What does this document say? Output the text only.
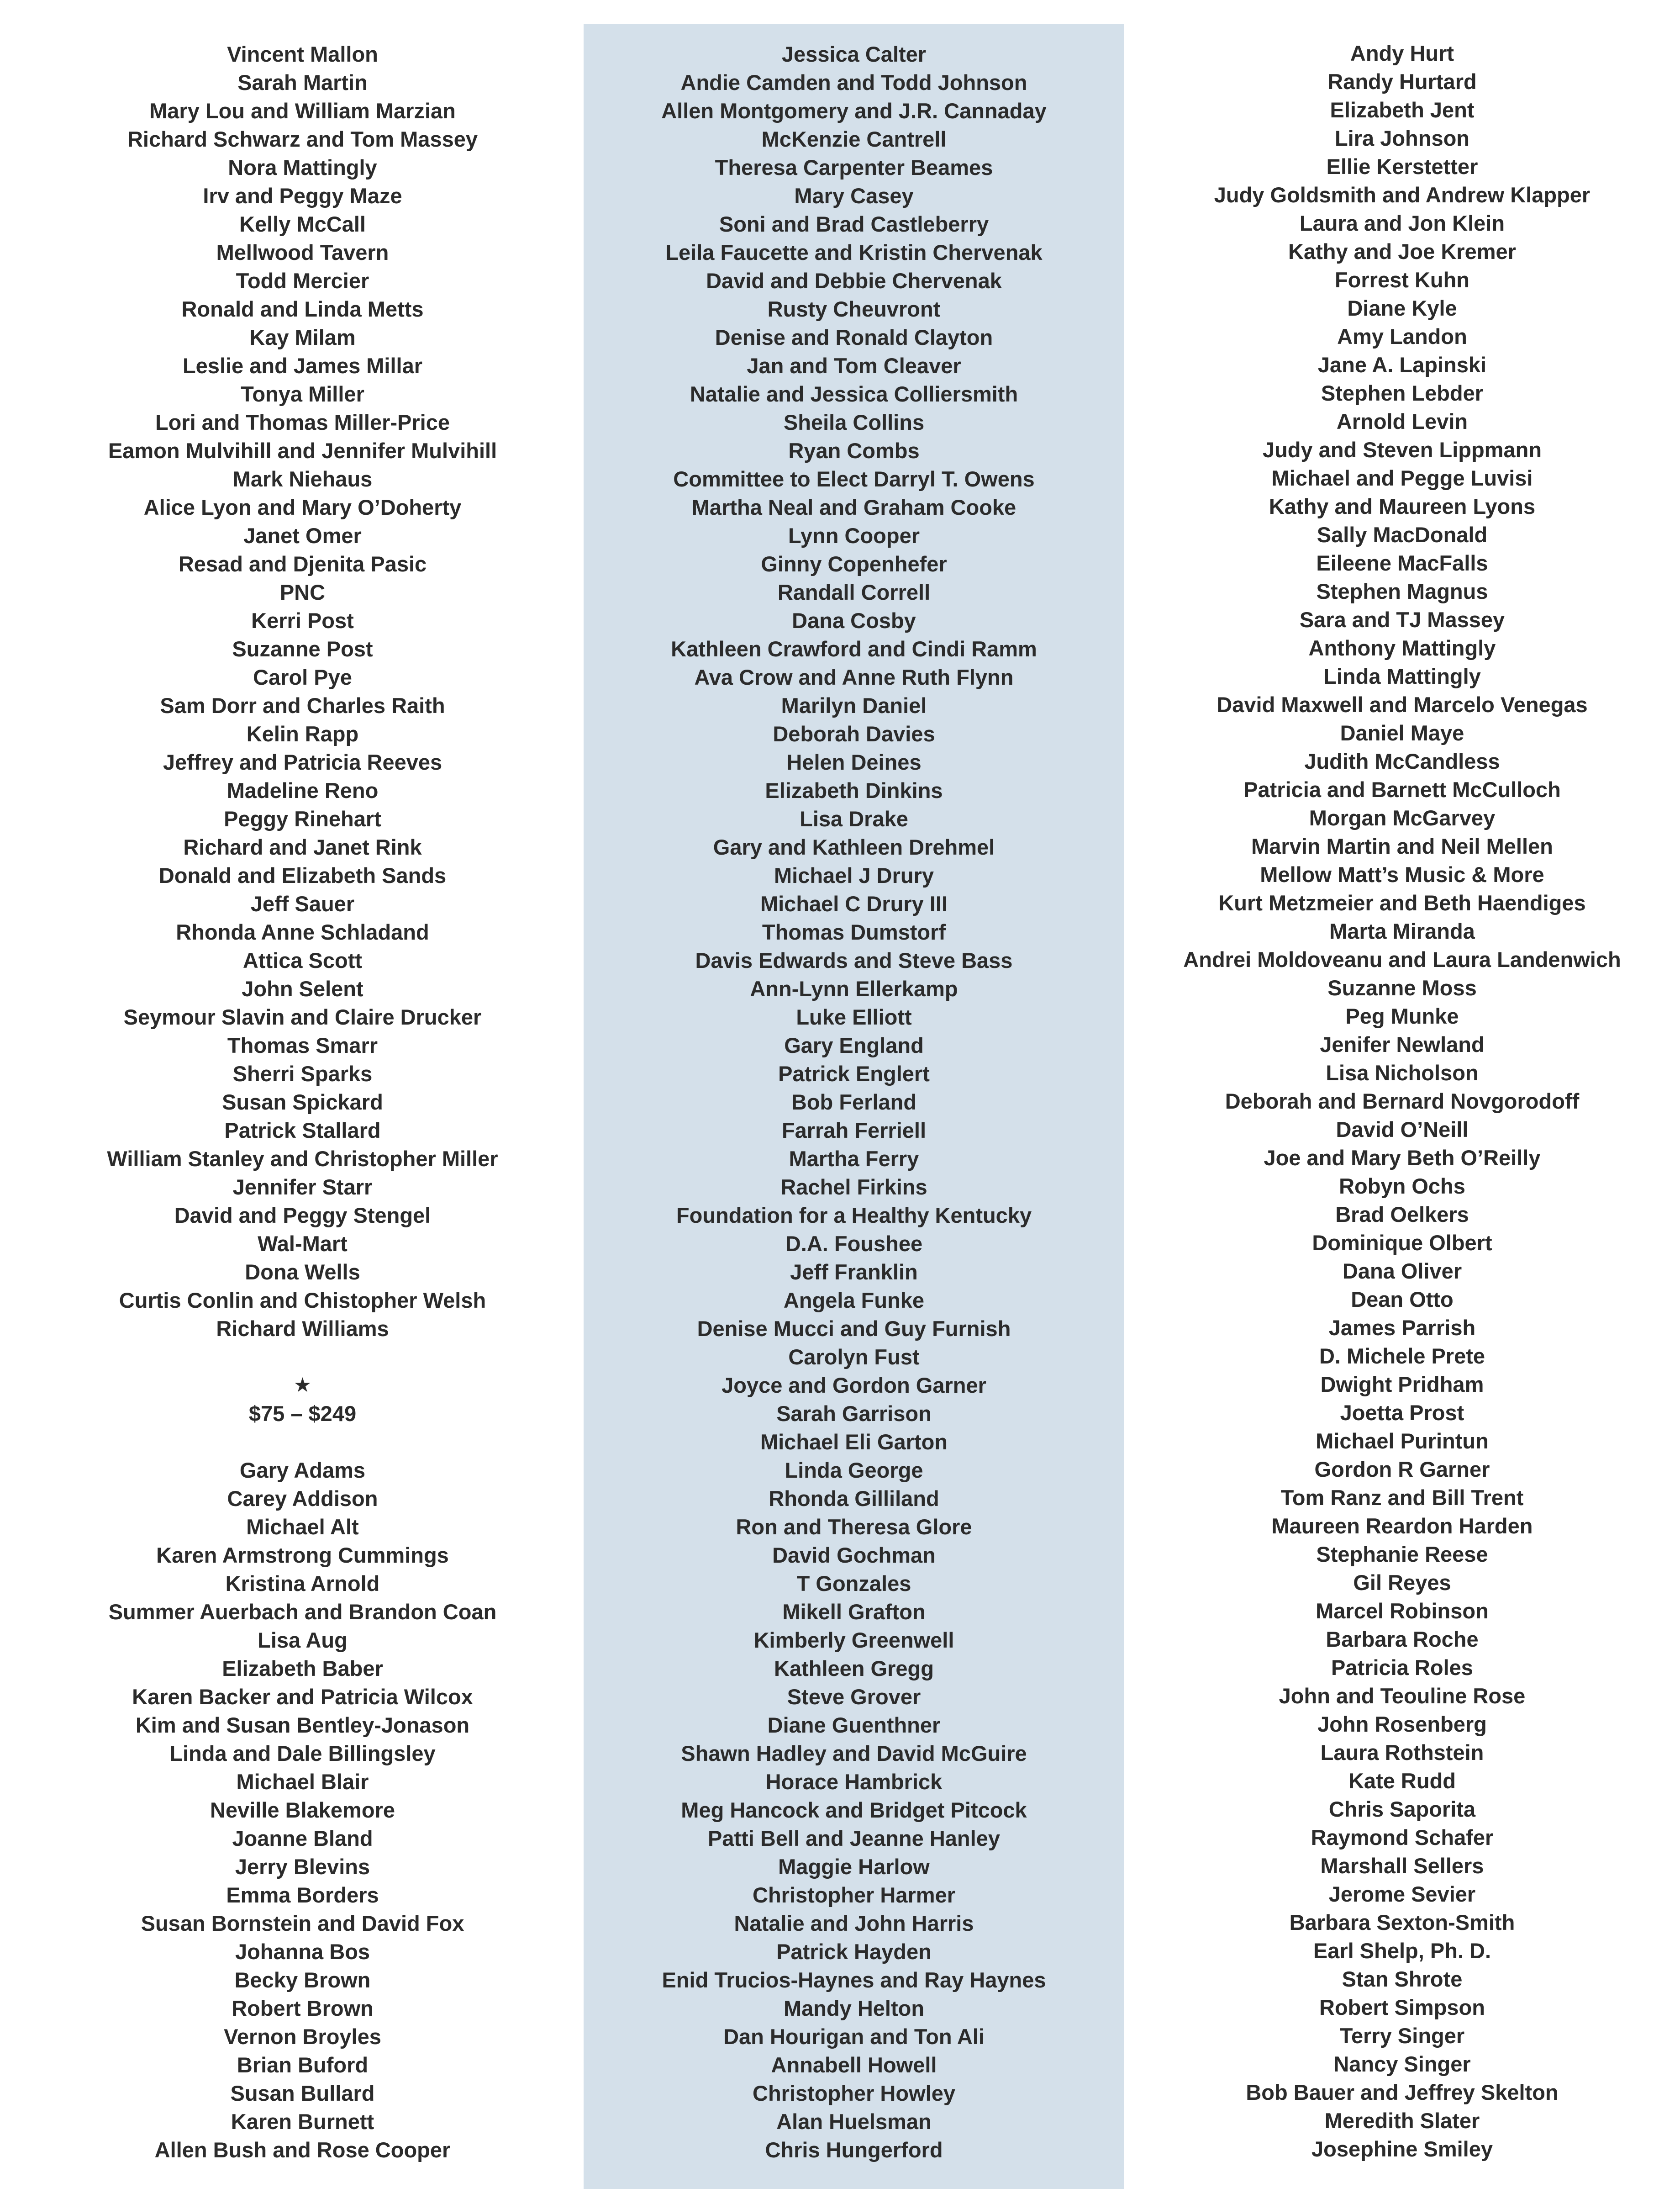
Vincent Mallon
Sarah Martin
Mary Lou and William Marzian
Richard Schwarz and Tom Massey
Nora Mattingly
Irv and Peggy Maze
Kelly McCall
Mellwood Tavern
Todd Mercier
Ronald and Linda Metts
Kay Milam
Leslie and James Millar
Tonya Miller
Lori and Thomas Miller-Price
Eamon Mulvihill and Jennifer Mulvihill
Mark Niehaus
Alice Lyon and Mary O’Doherty
Janet Omer
Resad and Djenita Pasic
PNC
Kerri Post
Suzanne Post
Carol Pye
Sam Dorr and Charles Raith
Kelin Rapp
Jeffrey and Patricia Reeves
Madeline Reno
Peggy Rinehart
Richard and Janet Rink
Donald and Elizabeth Sands
Jeff Sauer
Rhonda Anne Schladand
Attica Scott
John Selent
Seymour Slavin and Claire Drucker
Thomas Smarr
Sherri Sparks
Susan Spickard
Patrick Stallard
William Stanley and Christopher Miller
Jennifer Starr
David and Peggy Stengel
Wal-Mart
Dona Wells
Curtis Conlin and Chistopher Welsh
Richard Williams
★
$75 – $249
Gary Adams
Carey Addison
Michael Alt
Karen Armstrong Cummings
Kristina Arnold
Summer Auerbach and Brandon Coan
Lisa Aug
Elizabeth Baber
Karen Backer and Patricia Wilcox
Kim and Susan Bentley-Jonason
Linda and Dale Billingsley
Michael Blair
Neville Blakemore
Joanne Bland
Jerry Blevins
Emma Borders
Susan Bornstein and David Fox
Johanna Bos
Becky Brown
Robert Brown
Vernon Broyles
Brian Buford
Susan Bullard
Karen Burnett
Allen Bush and Rose Cooper
Jessica Calter
Andie Camden and Todd Johnson
Allen Montgomery and J.R. Cannaday
McKenzie Cantrell
Theresa Carpenter Beames
Mary Casey
Soni and Brad Castleberry
Leila Faucette and Kristin Chervenak
David and Debbie Chervenak
Rusty Cheuvront
Denise and Ronald Clayton
Jan and Tom Cleaver
Natalie and Jessica Colliersmith
Sheila Collins
Ryan Combs
Committee to Elect Darryl T. Owens
Martha Neal and Graham Cooke
Lynn Cooper
Ginny Copenhefer
Randall Correll
Dana Cosby
Kathleen Crawford and Cindi Ramm
Ava Crow and Anne Ruth Flynn
Marilyn Daniel
Deborah Davies
Helen Deines
Elizabeth Dinkins
Lisa Drake
Gary and Kathleen Drehmel
Michael J Drury
Michael C Drury III
Thomas Dumstorf
Davis Edwards and Steve Bass
Ann-Lynn Ellerkamp
Luke Elliott
Gary England
Patrick Englert
Bob Ferland
Farrah Ferriell
Martha Ferry
Rachel Firkins
Foundation for a Healthy Kentucky
D.A. Foushee
Jeff Franklin
Angela Funke
Denise Mucci and Guy Furnish
Carolyn Fust
Joyce and Gordon Garner
Sarah Garrison
Michael Eli Garton
Linda George
Rhonda Gilliland
Ron and Theresa Glore
David Gochman
T Gonzales
Mikell Grafton
Kimberly Greenwell
Kathleen Gregg
Steve Grover
Diane Guenthner
Shawn Hadley and David McGuire
Horace Hambrick
Meg Hancock and Bridget Pitcock
Patti Bell and Jeanne Hanley
Maggie Harlow
Christopher Harmer
Natalie and John Harris
Patrick Hayden
Enid Trucios-Haynes and Ray Haynes
Mandy Helton
Dan Hourigan and Ton Ali
Annabell Howell
Christopher Howley
Alan Huelsman
Chris Hungerford
Andy Hurt
Randy Hurtard
Elizabeth Jent
Lira Johnson
Ellie Kerstetter
Judy Goldsmith and Andrew Klapper
Laura and Jon Klein
Kathy and Joe Kremer
Forrest Kuhn
Diane Kyle
Amy Landon
Jane A. Lapinski
Stephen Lebder
Arnold Levin
Judy and Steven Lippmann
Michael and Pegge Luvisi
Kathy and Maureen Lyons
Sally MacDonald
Eileene MacFalls
Stephen Magnus
Sara and TJ Massey
Anthony Mattingly
Linda Mattingly
David Maxwell and Marcelo Venegas
Daniel Maye
Judith McCandless
Patricia and Barnett McCulloch
Morgan McGarvey
Marvin Martin and Neil Mellen
Mellow Matt’s Music & More
Kurt Metzmeier and Beth Haendiges
Marta Miranda
Andrei Moldoveanu and Laura Landenwich
Suzanne Moss
Peg Munke
Jenifer Newland
Lisa Nicholson
Deborah and Bernard Novgorodoff
David O’Neill
Joe and Mary Beth O’Reilly
Robyn Ochs
Brad Oelkers
Dominique Olbert
Dana Oliver
Dean Otto
James Parrish
D. Michele Prete
Dwight Pridham
Joetta Prost
Michael Purintun
Gordon R Garner
Tom Ranz and Bill Trent
Maureen Reardon Harden
Stephanie Reese
Gil Reyes
Marcel Robinson
Barbara Roche
Patricia Roles
John and Teouline Rose
John Rosenberg
Laura Rothstein
Kate Rudd
Chris Saporita
Raymond Schafer
Marshall Sellers
Jerome Sevier
Barbara Sexton-Smith
Earl Shelp, Ph. D.
Stan Shrote
Robert Simpson
Terry Singer
Nancy Singer
Bob Bauer and Jeffrey Skelton
Meredith Slater
Josephine Smiley
